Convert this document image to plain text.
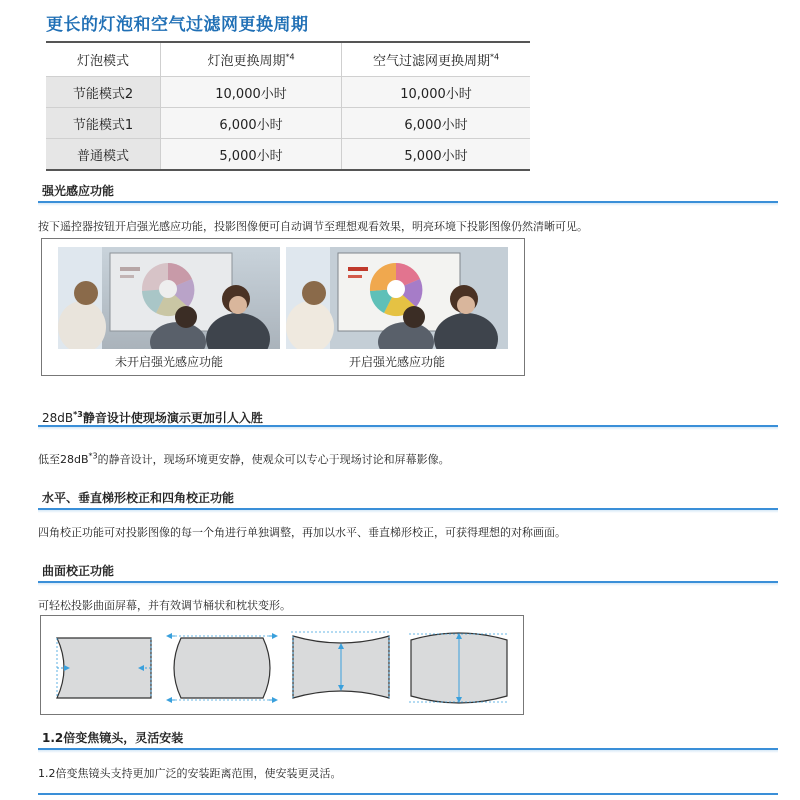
更长的灯泡和空气过滤网更换周期
灯泡模式	灯泡更换周期$^{*4}$	空气过滤网更换周期$^{*4}$
节能模式2	10,000小时	10,000小时
节能模式1	6,000小时	6,000小时
普通模式	5,000小时	5,000小时
强光感应功能
按下遥控器按钮开启强光感应功能，投影图像便可自动调节至理想观看效果，明亮环境下投影图像仍然清晰可见。
未开启强光感应功能	开启强光感应功能
$28dB^{*3}$静音设计使现场演示更加引人入胜
低至$28dB^{*3}$的静音设计，现场环境更安静，使观众可以专心于现场讨论和屏幕影像。
水平、垂直梯形校正和四角校正功能
四角校正功能可对投影图像的每一个角进行单独调整，再加以水平、垂直梯形校正，可获得理想的对称画面。
曲面校正功能
可轻松投影曲面屏幕，并有效调节桶状和枕状变形。
1.2倍变焦镜头，灵活安装
1.2倍变焦镜头支持更加广泛的安装距离范围，使安装更灵活。
